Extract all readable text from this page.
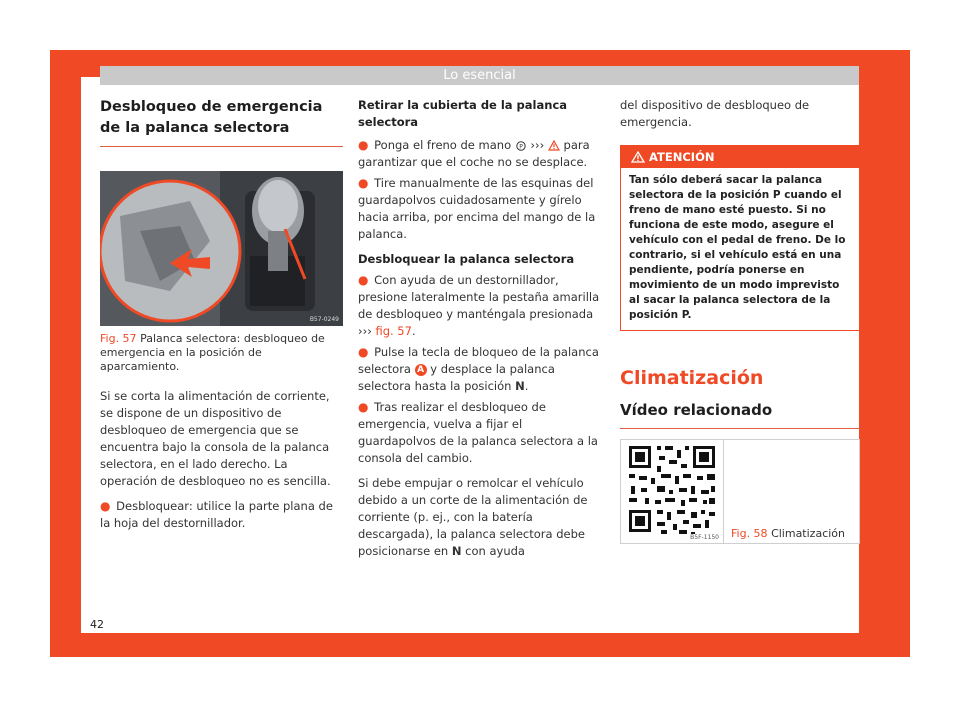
Lo esencial
Desbloqueo de emergencia de la palanca selectora
B57-0249
Fig. 57 Palanca selectora: desbloqueo de emergencia en la posición de aparcamiento.

Si se corta la alimentación de corriente, se dispone de un dispositivo de desbloqueo de emergencia que se encuentra bajo la consola de la palanca selectora, en el lado derecho. La operación de desbloqueo no es sencilla.

● Desbloquear: utilice la parte plana de la hoja del destornillador.

Retirar la cubierta de la palanca selectora

● Ponga el freno de mano P ››› para garantizar que el coche no se desplace.

● Tire manualmente de las esquinas del guardapolvos cuidadosamente y gírelo hacia arriba, por encima del mango de la palanca.

Desbloquear la palanca selectora

● Con ayuda de un destornillador, presione lateralmente la pestaña amarilla de desbloqueo y manténgala presionada ››› fig. 57.

● Pulse la tecla de bloqueo de la palanca selectora A y desplace la palanca selectora hasta la posición N.

● Tras realizar el desbloqueo de emergencia, vuelva a fijar el guardapolvos de la palanca selectora a la consola del cambio.

Si debe empujar o remolcar el vehículo debido a un corte de la alimentación de corriente (p. ej., con la batería descargada), la palanca selectora debe posicionarse en N con ayuda

del dispositivo de desbloqueo de emergencia.

ATENCIÓN
Tan sólo deberá sacar la palanca selectora de la posición P cuando el freno de mano esté puesto. Si no funciona de este modo, asegure el vehículo con el pedal de freno. De lo contrario, si el vehículo está en una pendiente, podría ponerse en movimiento de un modo imprevisto al sacar la palanca selectora de la posición P.
Climatización
Vídeo relacionado
B5F-1150 Fig. 58 Climatización
42
